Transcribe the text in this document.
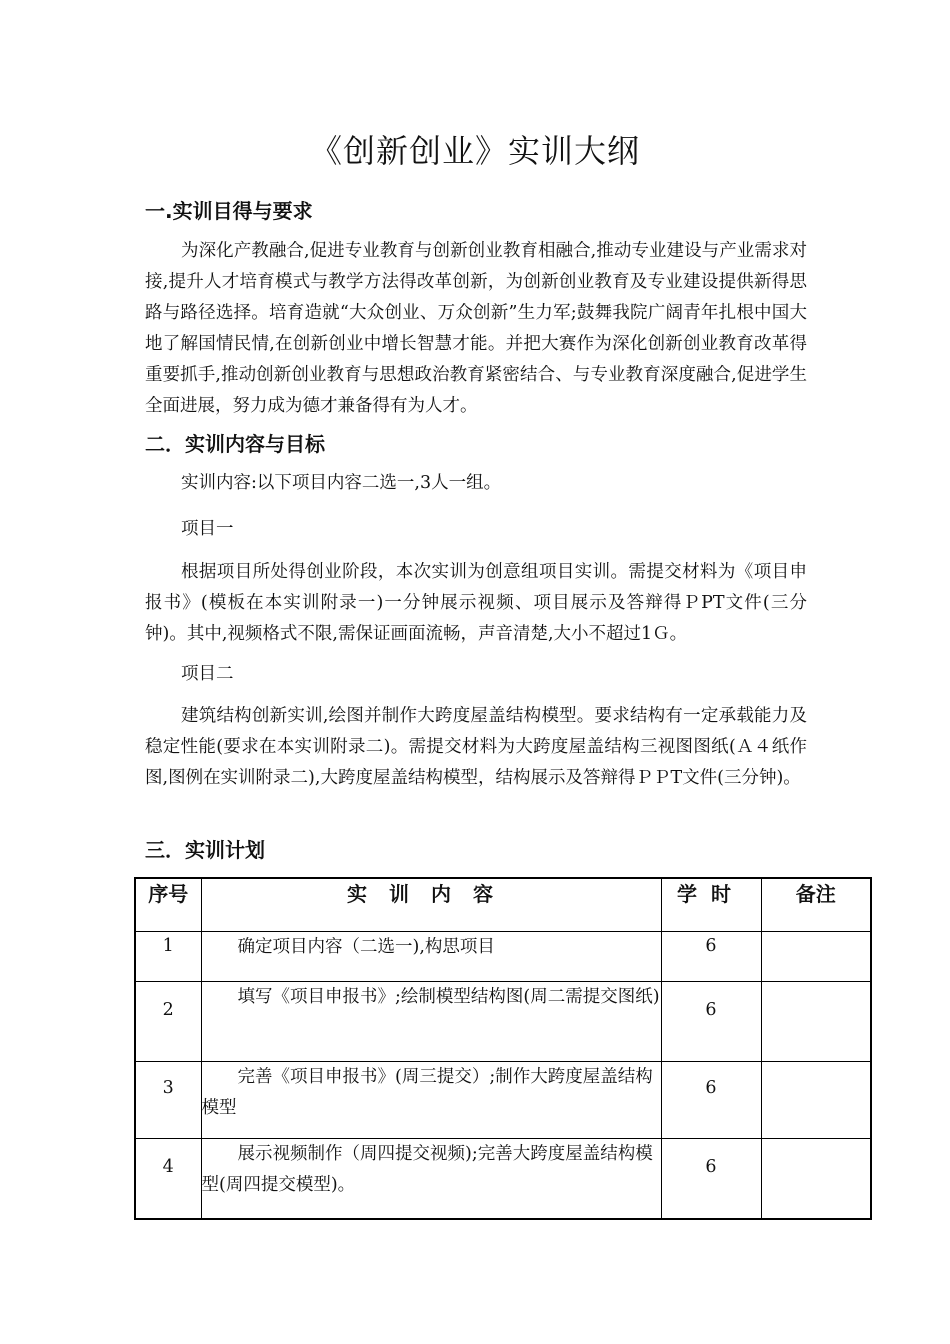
《创新创业》实训大纲
一.实训目得与要求
为深化产教融合,促进专业教育与创新创业教育相融合,推动专业建设与产业需求对接,提升人才培育模式与教学方法得改革创新，为创新创业教育及专业建设提供新得思路与路径选择。培育造就“大众创业、万众创新”生力军;鼓舞我院广阔青年扎根中国大地了解国情民情,在创新创业中增长智慧才能。并把大赛作为深化创新创业教育改革得重要抓手,推动创新创业教育与思想政治教育紧密结合、与专业教育深度融合,促进学生全面进展，努力成为德才兼备得有为人才。
二．实训内容与目标
实训内容:以下项目内容二选一,3人一组。
项目一
根据项目所处得创业阶段，本次实训为创意组项目实训。需提交材料为《项目申报书》(模板在本实训附录一)一分钟展示视频、项目展示及答辩得ＰPT文件(三分钟)。其中,视频格式不限,需保证画面流畅，声音清楚,大小不超过1Ｇ。
项目二
建筑结构创新实训,绘图并制作大跨度屋盖结构模型。要求结构有一定承载能力及稳定性能(要求在本实训附录二)。需提交材料为大跨度屋盖结构三视图图纸(Ａ４纸作图,图例在实训附录二),大跨度屋盖结构模型，结构展示及答辩得ＰＰT文件(三分钟)。
三．实训计划
序号	实训内容	学时	备注
1	确定项目内容（二选一),构思项目	6	
2	填写《项目申报书》;绘制模型结构图(周二需提交图纸)	6	
3	完善《项目申报书》(周三提交）;制作大跨度屋盖结构模型	6	
4	展示视频制作（周四提交视频);完善大跨度屋盖结构模型(周四提交模型)。	6	
